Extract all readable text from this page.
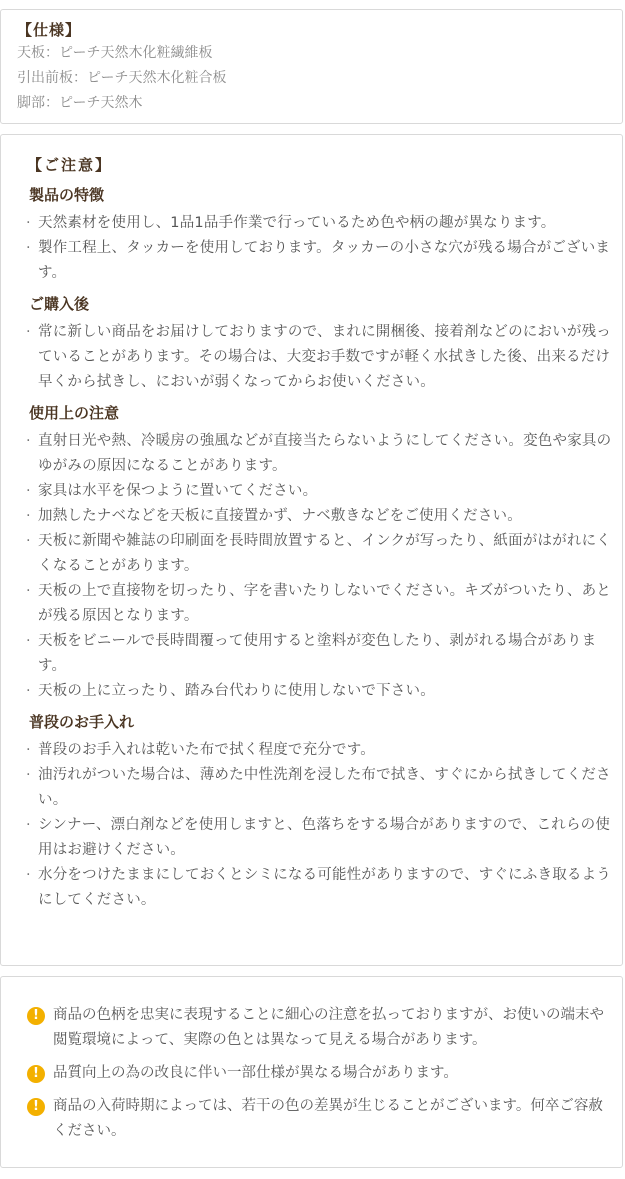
【仕様】
天板：ピーチ天然木化粧繊維板
引出前板：ピーチ天然木化粧合板
脚部：ピーチ天然木
【ご注意】
製品の特徴
· 天然素材を使用し、1品1品手作業で行っているため色や柄の趣が異なります。
· 製作工程上、タッカーを使用しております。タッカーの小さな穴が残る場合がございます。
ご購入後
· 常に新しい商品をお届けしておりますので、まれに開梱後、接着剤などのにおいが残っていることがあります。その場合は、大変お手数ですが軽く水拭きした後、出来るだけ早くから拭きし、においが弱くなってからお使いください。
使用上の注意
· 直射日光や熱、冷暖房の強風などが直接当たらないようにしてください。変色や家具のゆがみの原因になることがあります。
· 家具は水平を保つように置いてください。
· 加熱したナベなどを天板に直接置かず、ナベ敷きなどをご使用ください。
· 天板に新聞や雑誌の印刷面を長時間放置すると、インクが写ったり、紙面がはがれにくくなることがあります。
· 天板の上で直接物を切ったり、字を書いたりしないでください。キズがついたり、あとが残る原因となります。
· 天板をビニールで長時間覆って使用すると塗料が変色したり、剥がれる場合があります。
· 天板の上に立ったり、踏み台代わりに使用しないで下さい。
普段のお手入れ
· 普段のお手入れは乾いた布で拭く程度で充分です。
· 油汚れがついた場合は、薄めた中性洗剤を浸した布で拭き、すぐにから拭きしてください。
· シンナー、漂白剤などを使用しますと、色落ちをする場合がありますので、これらの使用はお避けください。
· 水分をつけたままにしておくとシミになる可能性がありますので、すぐにふき取るようにしてください。
! 商品の色柄を忠実に表現することに細心の注意を払っておりますが、お使いの端末や閲覧環境によって、実際の色とは異なって見える場合があります。
! 品質向上の為の改良に伴い一部仕様が異なる場合があります。
! 商品の入荷時期によっては、若干の色の差異が生じることがございます。何卒ご容赦ください。
